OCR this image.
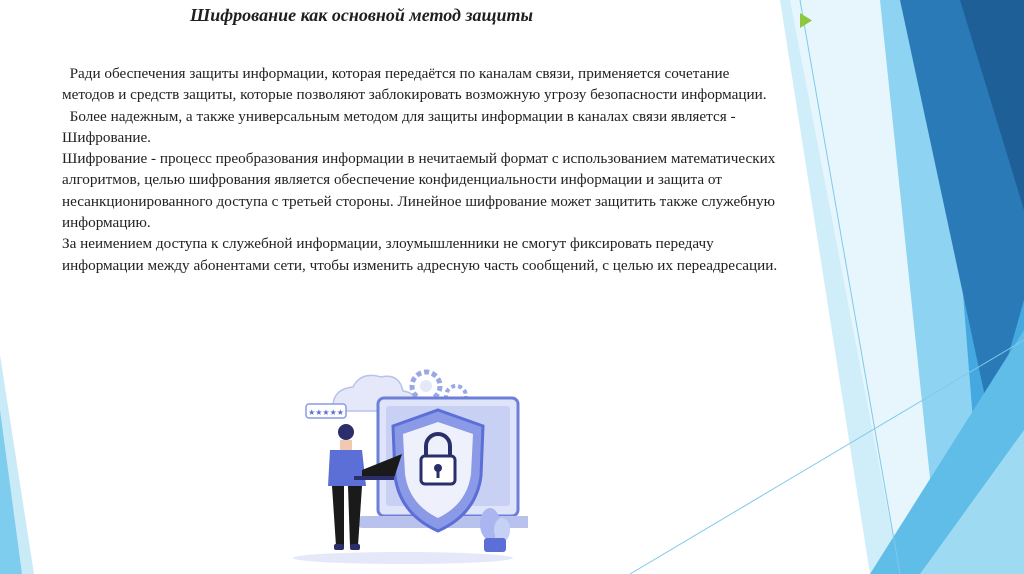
Шифрование как основной метод защиты

Ради обеспечения защиты информации, которая передаётся по каналам связи, применяется сочетание методов и средств защиты, которые позволяют заблокировать возможную угрозу безопасности информации.

Более надежным, а также универсальным методом для защиты информации в каналах связи является - Шифрование.

Шифрование - процесс преобразования информации в нечитаемый формат с использованием математических алгоритмов, целью шифрования является обеспечение конфиденциальности информации и защита от несанкционированного доступа с третьей стороны. Линейное шифрование может защитить также служебную информацию.

За неимением доступа к служебной информации, злоумышленники не смогут фиксировать передачу информации между абонентами сети, чтобы изменить адресную часть сообщений, с целью их переадресации.

★★★★★
